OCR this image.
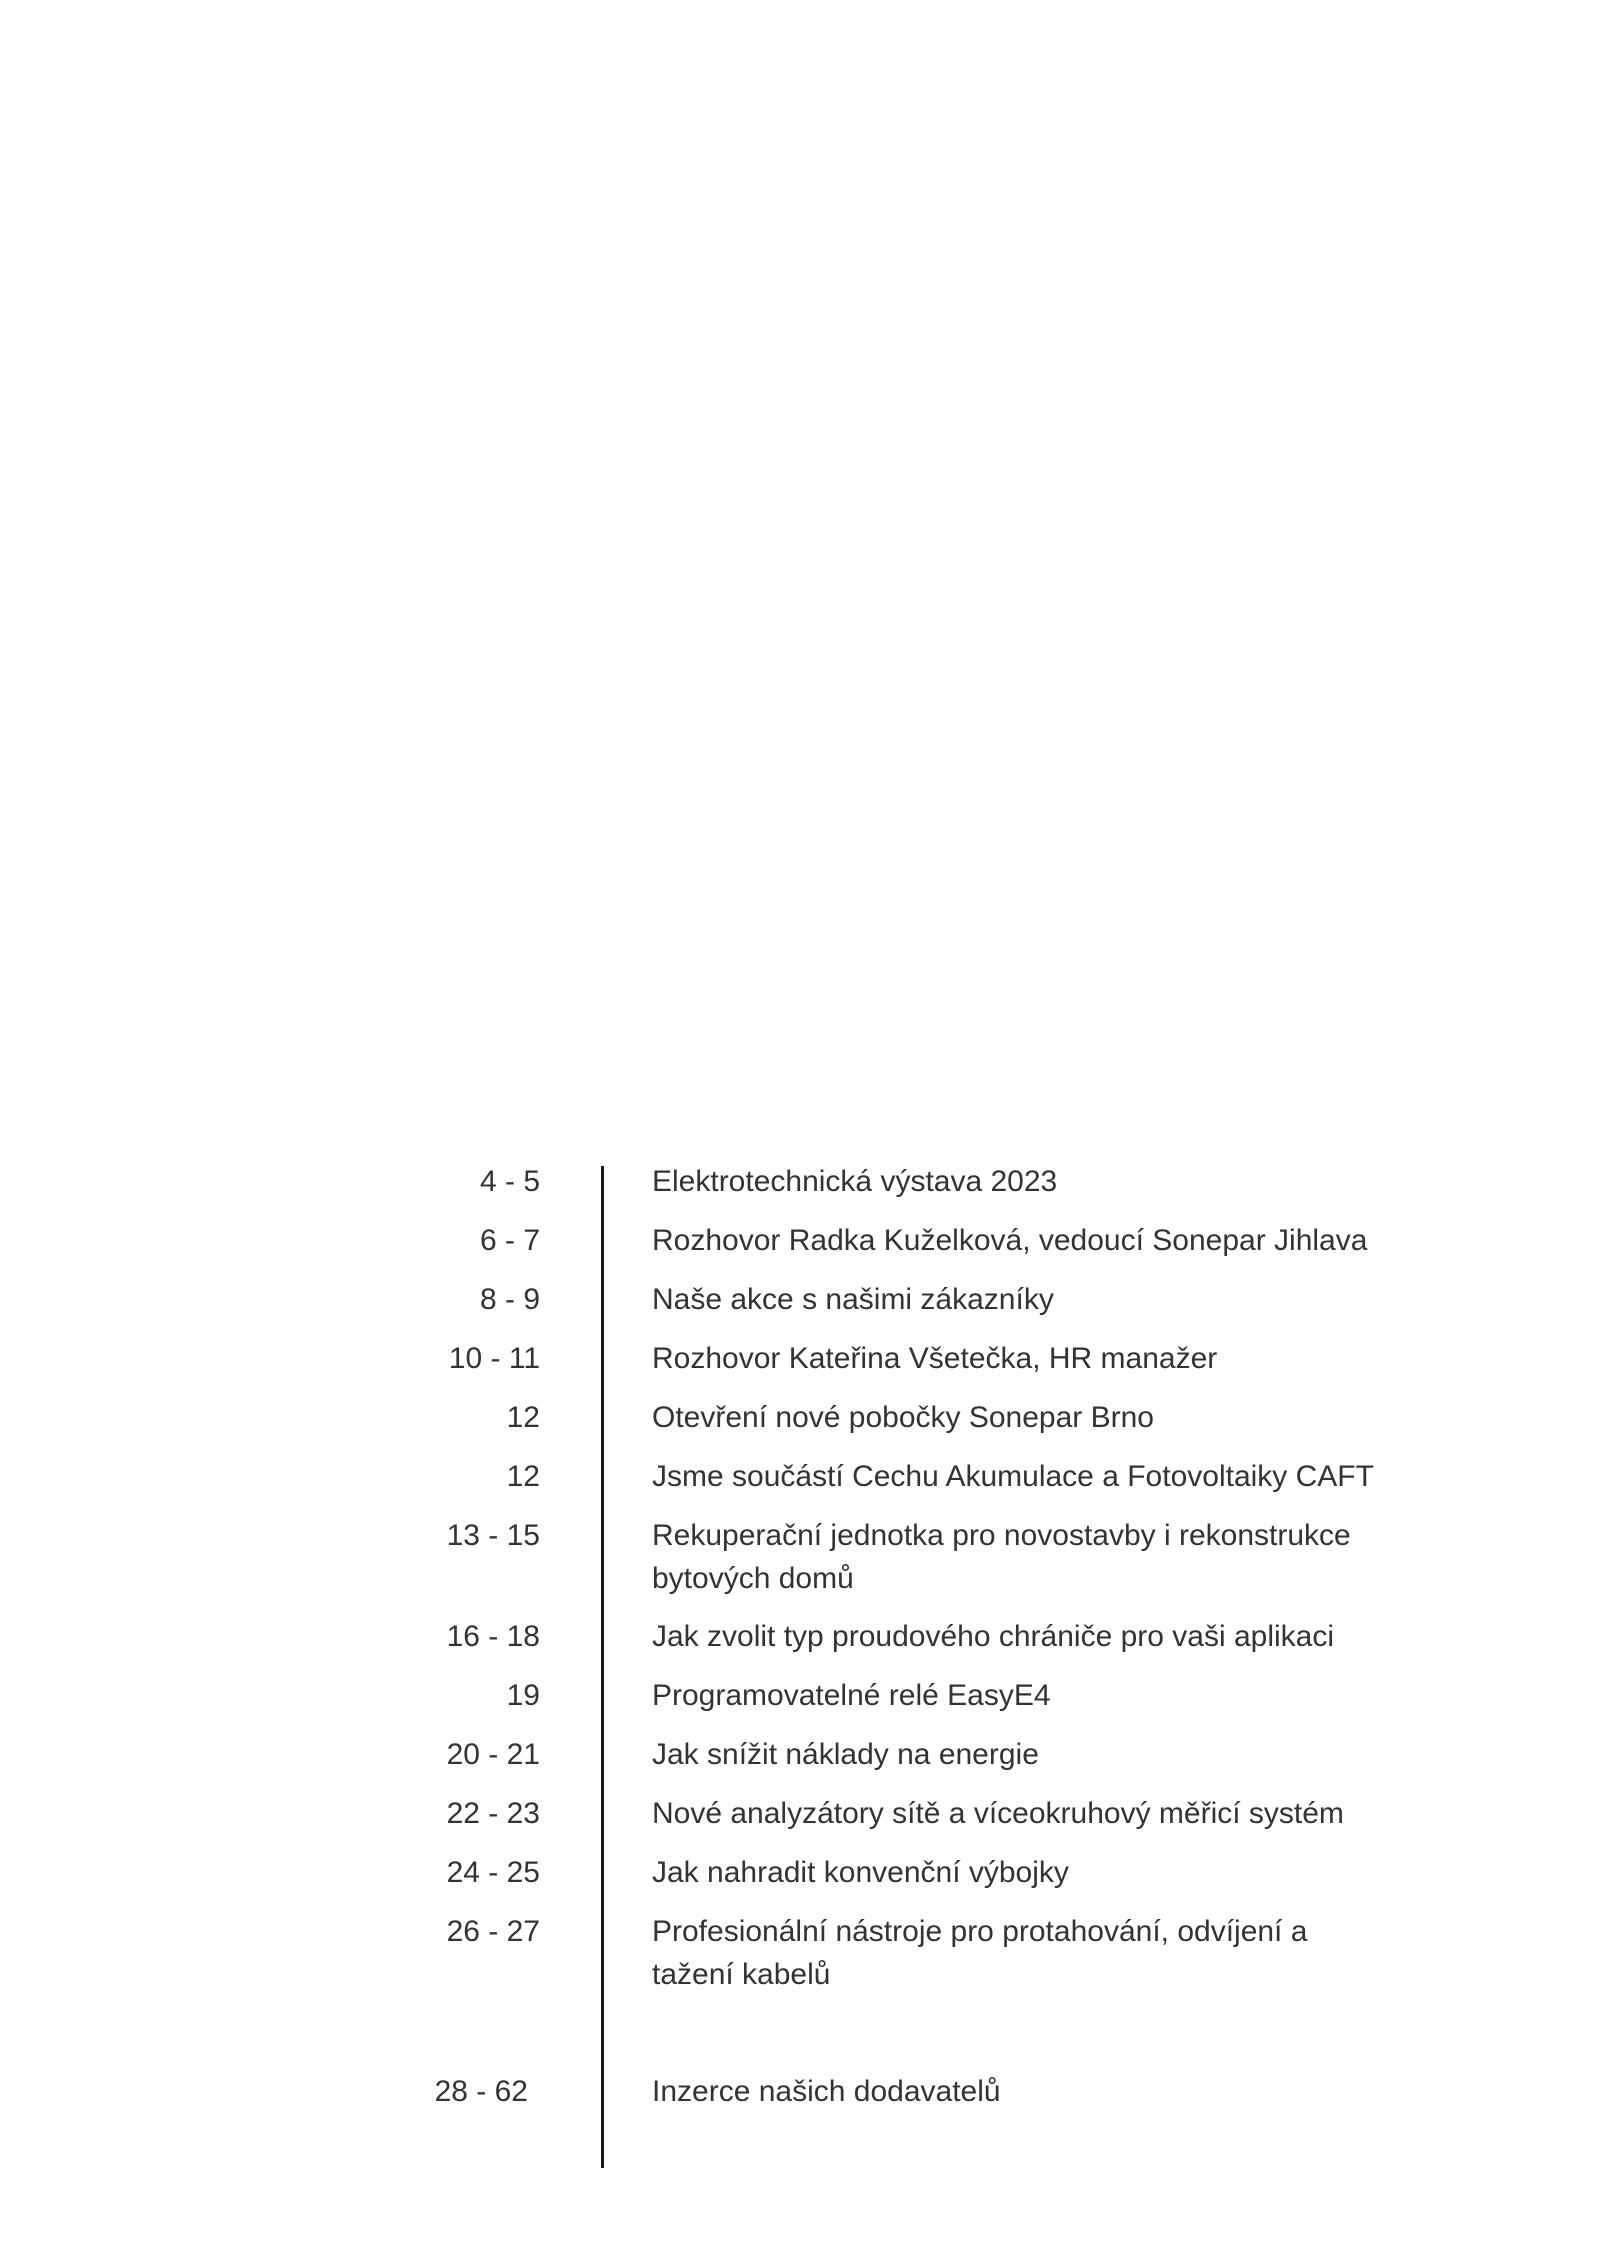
4 - 5	Elektrotechnická výstava 2023
6 - 7	Rozhovor Radka Kuželková, vedoucí Sonepar Jihlava
8 - 9	Naše akce s našimi zákazníky
10 - 11	Rozhovor Kateřina Všetečka, HR manažer
12	Otevření nové pobočky Sonepar Brno
12	Jsme součástí Cechu Akumulace a Fotovoltaiky CAFT
13 - 15	Rekuperační jednotka pro novostavby i rekonstrukce bytových domů
16 - 18	Jak zvolit typ proudového chrániče pro vaši aplikaci
19	Programovatelné relé EasyE4
20 - 21	Jak snížit náklady na energie
22 - 23	Nové analyzátory sítě a víceokruhový měřicí systém
24 - 25	Jak nahradit konvenční výbojky
26 - 27	Profesionální nástroje pro protahování, odvíjení a tažení kabelů
28 - 62	Inzerce našich dodavatelů
